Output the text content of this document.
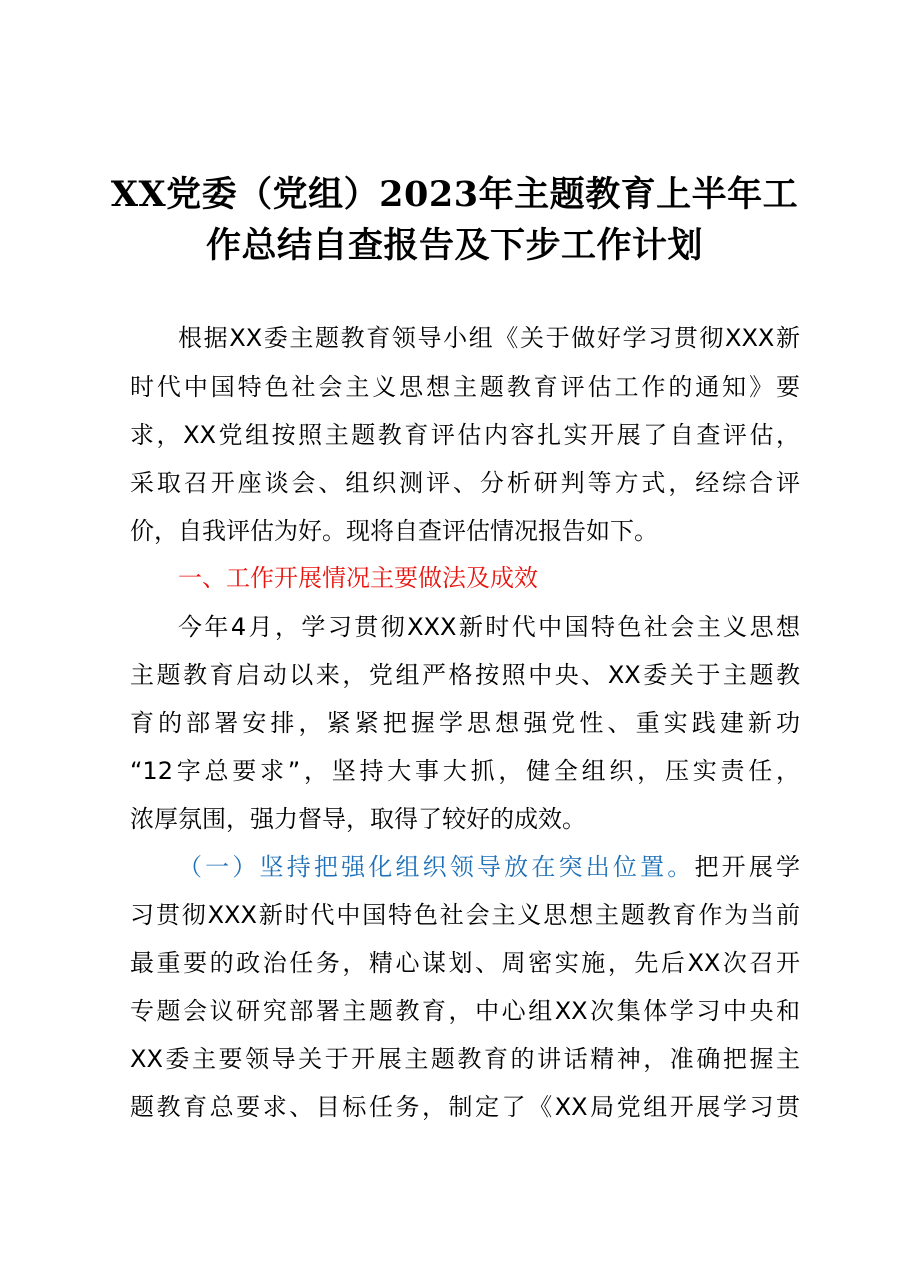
XX党委（党组）2023年主题教育上半年工
作总结自查报告及下步工作计划
根据XX委主题教育领导小组《关于做好学习贯彻XXX新
时代中国特色社会主义思想主题教育评估工作的通知》要
求，XX党组按照主题教育评估内容扎实开展了自查评估，
采取召开座谈会、组织测评、分析研判等方式，经综合评
价，自我评估为好。现将自查评估情况报告如下。
一、工作开展情况主要做法及成效
今年4月，学习贯彻XXX新时代中国特色社会主义思想
主题教育启动以来，党组严格按照中央、XX委关于主题教
育的部署安排，紧紧把握学思想强党性、重实践建新功
“12字总要求”，坚持大事大抓，健全组织，压实责任，
浓厚氛围，强力督导，取得了较好的成效。
（一）坚持把强化组织领导放在突出位置。把开展学
习贯彻XXX新时代中国特色社会主义思想主题教育作为当前
最重要的政治任务，精心谋划、周密实施，先后XX次召开
专题会议研究部署主题教育，中心组XX次集体学习中央和
XX委主要领导关于开展主题教育的讲话精神，准确把握主
题教育总要求、目标任务，制定了《XX局党组开展学习贯
